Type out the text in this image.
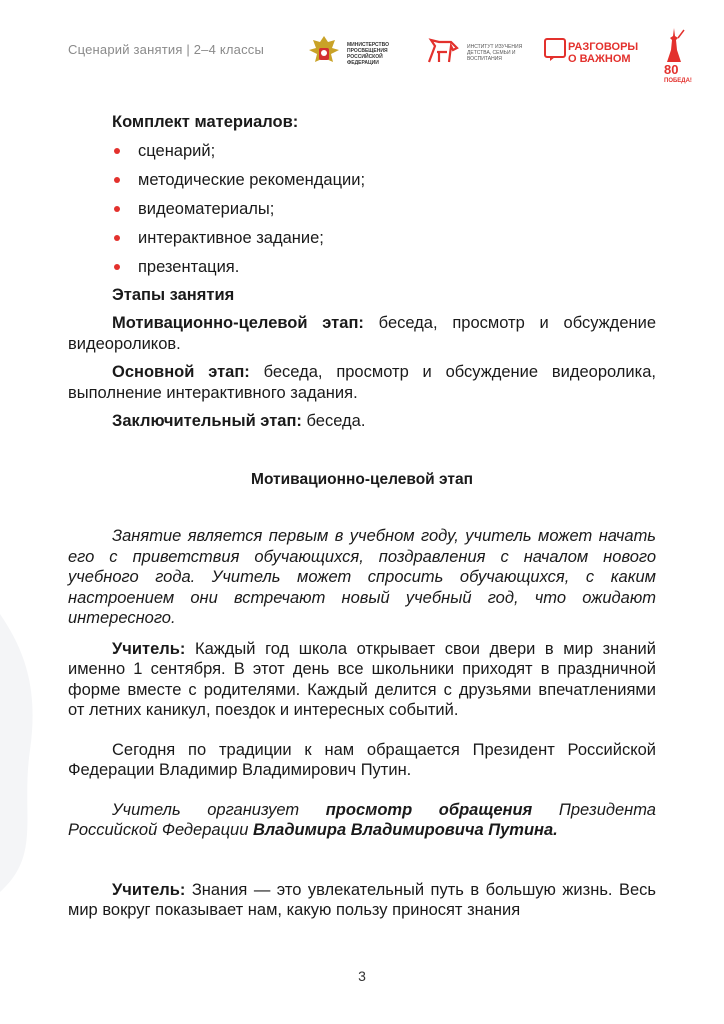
Сценарий занятия | 2–4 классы	МИНИСТЕРСТВО ПРОСВЕЩЕНИЯ РОССИЙСКОЙ ФЕДЕРАЦИИ
ИНСТИТУТ ИЗУЧЕНИЯ ДЕТСТВА, СЕМЬИ И ВОСПИТАНИЯ
РАЗГОВОРЫ О ВАЖНОМ
80
ПОБЕДА!

Комплект материалов:

сценарий;
методические рекомендации;
видеоматериалы;
интерактивное задание;
презентация.

Этапы занятия

Мотивационно-целевой этап: беседа, просмотр и обсуждение видеороликов.

Основной этап: беседа, просмотр и обсуждение видеоролика, выполнение интерактивного задания.

Заключительный этап: беседа.

Мотивационно-целевой этап

Занятие является первым в учебном году, учитель может начать его с приветствия обучающихся, поздравления с началом нового учебного года. Учитель может спросить обучающихся, с каким настроением они встречают новый учебный год, что ожидают интересного.

Учитель: Каждый год школа открывает свои двери в мир знаний именно 1 сентября. В этот день все школьники приходят в праздничной форме вместе с родителями. Каждый делится с друзьями впечатлениями от летних каникул, поездок и интересных событий.

Сегодня по традиции к нам обращается Президент Российской Федерации Владимир Владимирович Путин.

Учитель организует просмотр обращения Президента Российской Федерации Владимира Владимировича Путина.

Учитель: Знания — это увлекательный путь в большую жизнь. Весь мир вокруг показывает нам, какую пользу приносят знания

3
